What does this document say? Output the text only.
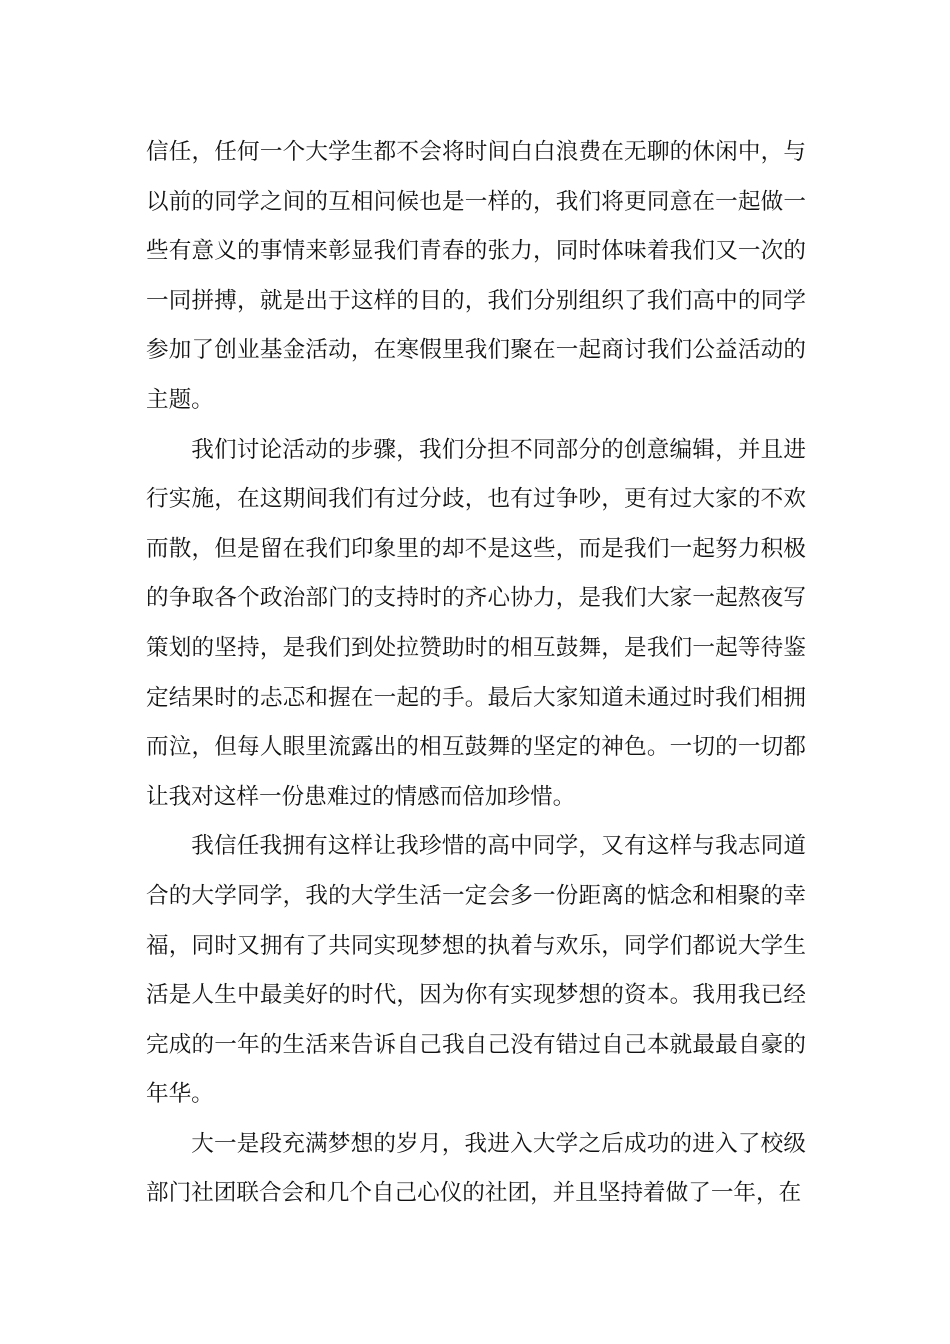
信任，任何一个大学生都不会将时间白白浪费在无聊的休闲中，与以前的同学之间的互相问候也是一样的，我们将更同意在一起做一些有意义的事情来彰显我们青春的张力，同时体味着我们又一次的一同拼搏，就是出于这样的目的，我们分别组织了我们高中的同学参加了创业基金活动，在寒假里我们聚在一起商讨我们公益活动的主题。

我们讨论活动的步骤，我们分担不同部分的创意编辑，并且进行实施，在这期间我们有过分歧，也有过争吵，更有过大家的不欢而散，但是留在我们印象里的却不是这些，而是我们一起努力积极的争取各个政治部门的支持时的齐心协力，是我们大家一起熬夜写策划的坚持，是我们到处拉赞助时的相互鼓舞，是我们一起等待鉴定结果时的忐忑和握在一起的手。最后大家知道未通过时我们相拥而泣，但每人眼里流露出的相互鼓舞的坚定的神色。一切的一切都让我对这样一份患难过的情感而倍加珍惜。

我信任我拥有这样让我珍惜的高中同学，又有这样与我志同道合的大学同学，我的大学生活一定会多一份距离的惦念和相聚的幸福，同时又拥有了共同实现梦想的执着与欢乐，同学们都说大学生活是人生中最美好的时代，因为你有实现梦想的资本。我用我已经完成的一年的生活来告诉自己我自己没有错过自己本就最最自豪的年华。

大一是段充满梦想的岁月，我进入大学之后成功的进入了校级部门社团联合会和几个自己心仪的社团，并且坚持着做了一年，在
